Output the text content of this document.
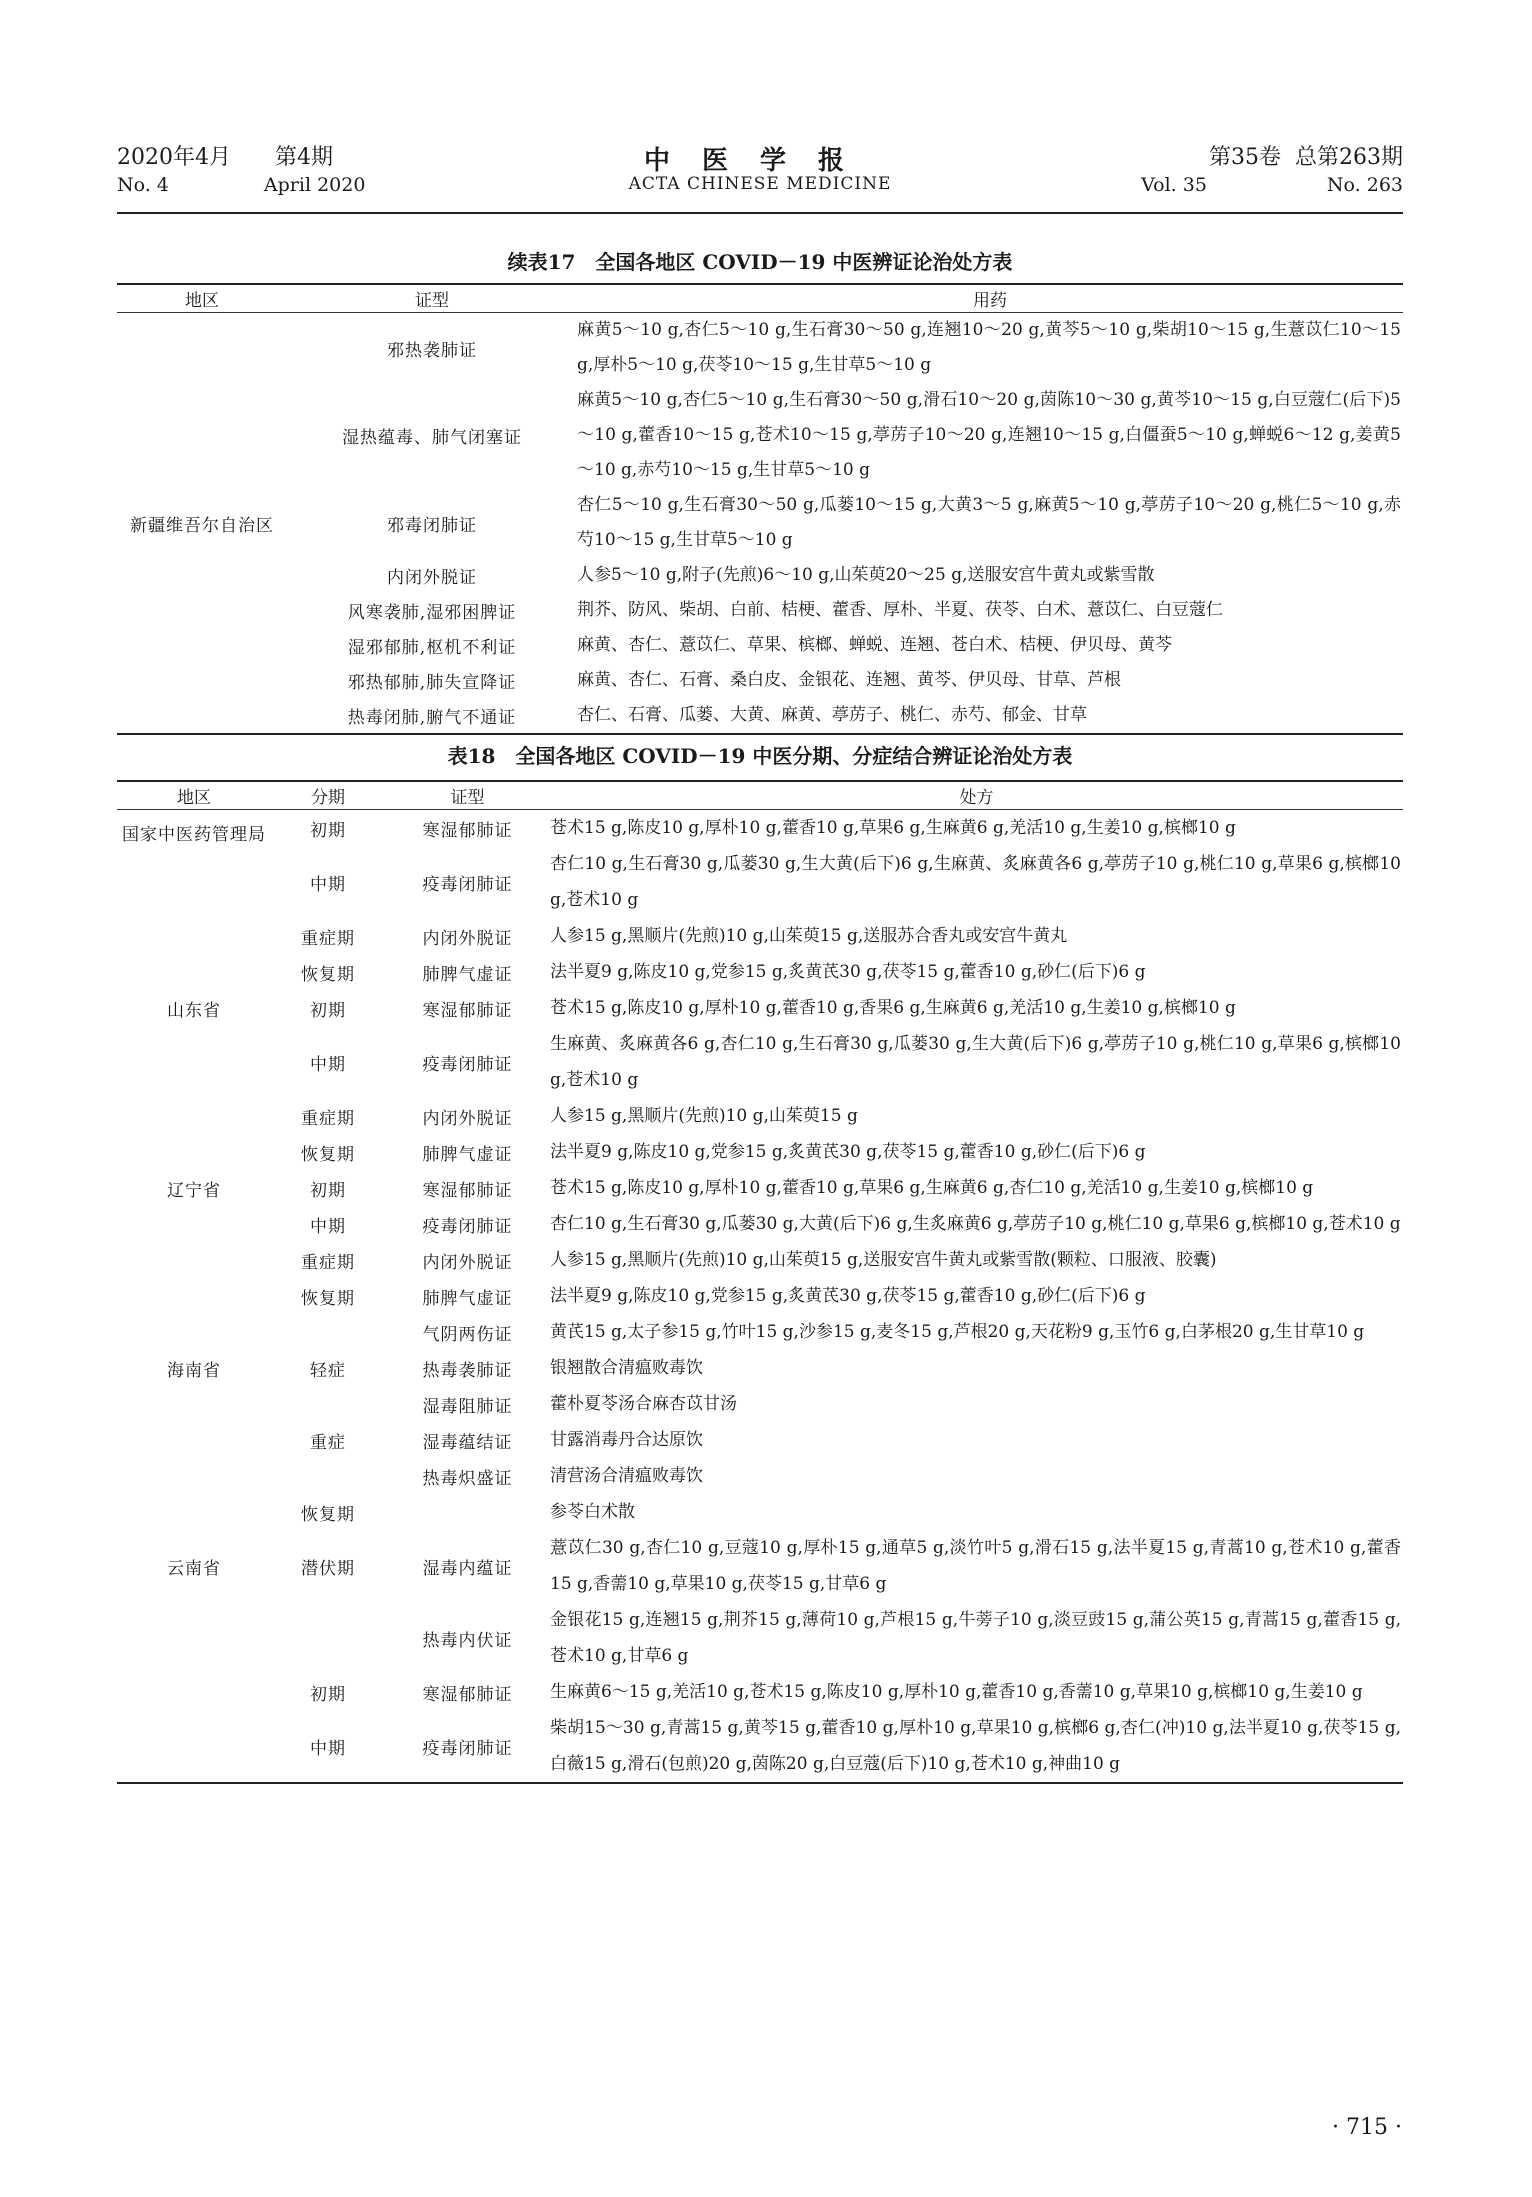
2020年4月 第4期	中医学报	第35卷 总第263期
No. 4	April 2020	ACTA CHINESE MEDICINE	Vol. 35	No. 263
续表17　全国各地区 COVID－19 中医辨证论治处方表
地区	证型	用药
新疆维吾尔自治区	邪热袭肺证	麻黄5～10 g,杏仁5～10 g,生石膏30～50 g,连翘10～20 g,黄芩5～10 g,柴胡10～15 g,生薏苡仁10～15 g,厚朴5～10 g,茯苓10～15 g,生甘草5～10 g
	湿热蕴毒、肺气闭塞证	麻黄5～10 g,杏仁5～10 g,生石膏30～50 g,滑石10～20 g,茵陈10～30 g,黄芩10～15 g,白豆蔻仁(后下)5～10 g,藿香10～15 g,苍术10～15 g,葶苈子10～20 g,连翘10～15 g,白僵蚕5～10 g,蝉蜕6～12 g,姜黄5～10 g,赤芍10～15 g,生甘草5～10 g
	邪毒闭肺证	杏仁5～10 g,生石膏30～50 g,瓜蒌10～15 g,大黄3～5 g,麻黄5～10 g,葶苈子10～20 g,桃仁5～10 g,赤芍10～15 g,生甘草5～10 g
	内闭外脱证	人参5～10 g,附子(先煎)6～10 g,山茱萸20～25 g,送服安宫牛黄丸或紫雪散
	风寒袭肺,湿邪困脾证	荆芥、防风、柴胡、白前、桔梗、藿香、厚朴、半夏、茯苓、白术、薏苡仁、白豆蔻仁
	湿邪郁肺,枢机不利证	麻黄、杏仁、薏苡仁、草果、槟榔、蝉蜕、连翘、苍白术、桔梗、伊贝母、黄芩
	邪热郁肺,肺失宣降证	麻黄、杏仁、石膏、桑白皮、金银花、连翘、黄芩、伊贝母、甘草、芦根
	热毒闭肺,腑气不通证	杏仁、石膏、瓜蒌、大黄、麻黄、葶苈子、桃仁、赤芍、郁金、甘草
表18　全国各地区 COVID－19 中医分期、分症结合辨证论治处方表
地区	分期	证型	处方
国家中医药管理局	初期	寒湿郁肺证	苍术15 g,陈皮10 g,厚朴10 g,藿香10 g,草果6 g,生麻黄6 g,羌活10 g,生姜10 g,槟榔10 g
	中期	疫毒闭肺证	杏仁10 g,生石膏30 g,瓜蒌30 g,生大黄(后下)6 g,生麻黄、炙麻黄各6 g,葶苈子10 g,桃仁10 g,草果6 g,槟榔10 g,苍术10 g
	重症期	内闭外脱证	人参15 g,黑顺片(先煎)10 g,山茱萸15 g,送服苏合香丸或安宫牛黄丸
	恢复期	肺脾气虚证	法半夏9 g,陈皮10 g,党参15 g,炙黄芪30 g,茯苓15 g,藿香10 g,砂仁(后下)6 g
山东省	初期	寒湿郁肺证	苍术15 g,陈皮10 g,厚朴10 g,藿香10 g,香果6 g,生麻黄6 g,羌活10 g,生姜10 g,槟榔10 g
	中期	疫毒闭肺证	生麻黄、炙麻黄各6 g,杏仁10 g,生石膏30 g,瓜蒌30 g,生大黄(后下)6 g,葶苈子10 g,桃仁10 g,草果6 g,槟榔10 g,苍术10 g
	重症期	内闭外脱证	人参15 g,黑顺片(先煎)10 g,山茱萸15 g
	恢复期	肺脾气虚证	法半夏9 g,陈皮10 g,党参15 g,炙黄芪30 g,茯苓15 g,藿香10 g,砂仁(后下)6 g
辽宁省	初期	寒湿郁肺证	苍术15 g,陈皮10 g,厚朴10 g,藿香10 g,草果6 g,生麻黄6 g,杏仁10 g,羌活10 g,生姜10 g,槟榔10 g
	中期	疫毒闭肺证	杏仁10 g,生石膏30 g,瓜蒌30 g,大黄(后下)6 g,生炙麻黄6 g,葶苈子10 g,桃仁10 g,草果6 g,槟榔10 g,苍术10 g
	重症期	内闭外脱证	人参15 g,黑顺片(先煎)10 g,山茱萸15 g,送服安宫牛黄丸或紫雪散(颗粒、口服液、胶囊)
	恢复期	肺脾气虚证	法半夏9 g,陈皮10 g,党参15 g,炙黄芪30 g,茯苓15 g,藿香10 g,砂仁(后下)6 g
		气阴两伤证	黄芪15 g,太子参15 g,竹叶15 g,沙参15 g,麦冬15 g,芦根20 g,天花粉9 g,玉竹6 g,白茅根20 g,生甘草10 g
海南省	轻症	热毒袭肺证	银翘散合清瘟败毒饮
		湿毒阻肺证	藿朴夏苓汤合麻杏苡甘汤
	重症	湿毒蕴结证	甘露消毒丹合达原饮
		热毒炽盛证	清营汤合清瘟败毒饮
	恢复期		参苓白术散
云南省	潜伏期	湿毒内蕴证	薏苡仁30 g,杏仁10 g,豆蔻10 g,厚朴15 g,通草5 g,淡竹叶5 g,滑石15 g,法半夏15 g,青蒿10 g,苍术10 g,藿香15 g,香薷10 g,草果10 g,茯苓15 g,甘草6 g
		热毒内伏证	金银花15 g,连翘15 g,荆芥15 g,薄荷10 g,芦根15 g,牛蒡子10 g,淡豆豉15 g,蒲公英15 g,青蒿15 g,藿香15 g,苍术10 g,甘草6 g
	初期	寒湿郁肺证	生麻黄6～15 g,羌活10 g,苍术15 g,陈皮10 g,厚朴10 g,藿香10 g,香薷10 g,草果10 g,槟榔10 g,生姜10 g
	中期	疫毒闭肺证	柴胡15～30 g,青蒿15 g,黄芩15 g,藿香10 g,厚朴10 g,草果10 g,槟榔6 g,杏仁(冲)10 g,法半夏10 g,茯苓15 g,白薇15 g,滑石(包煎)20 g,茵陈20 g,白豆蔻(后下)10 g,苍术10 g,神曲10 g
· 715 ·
